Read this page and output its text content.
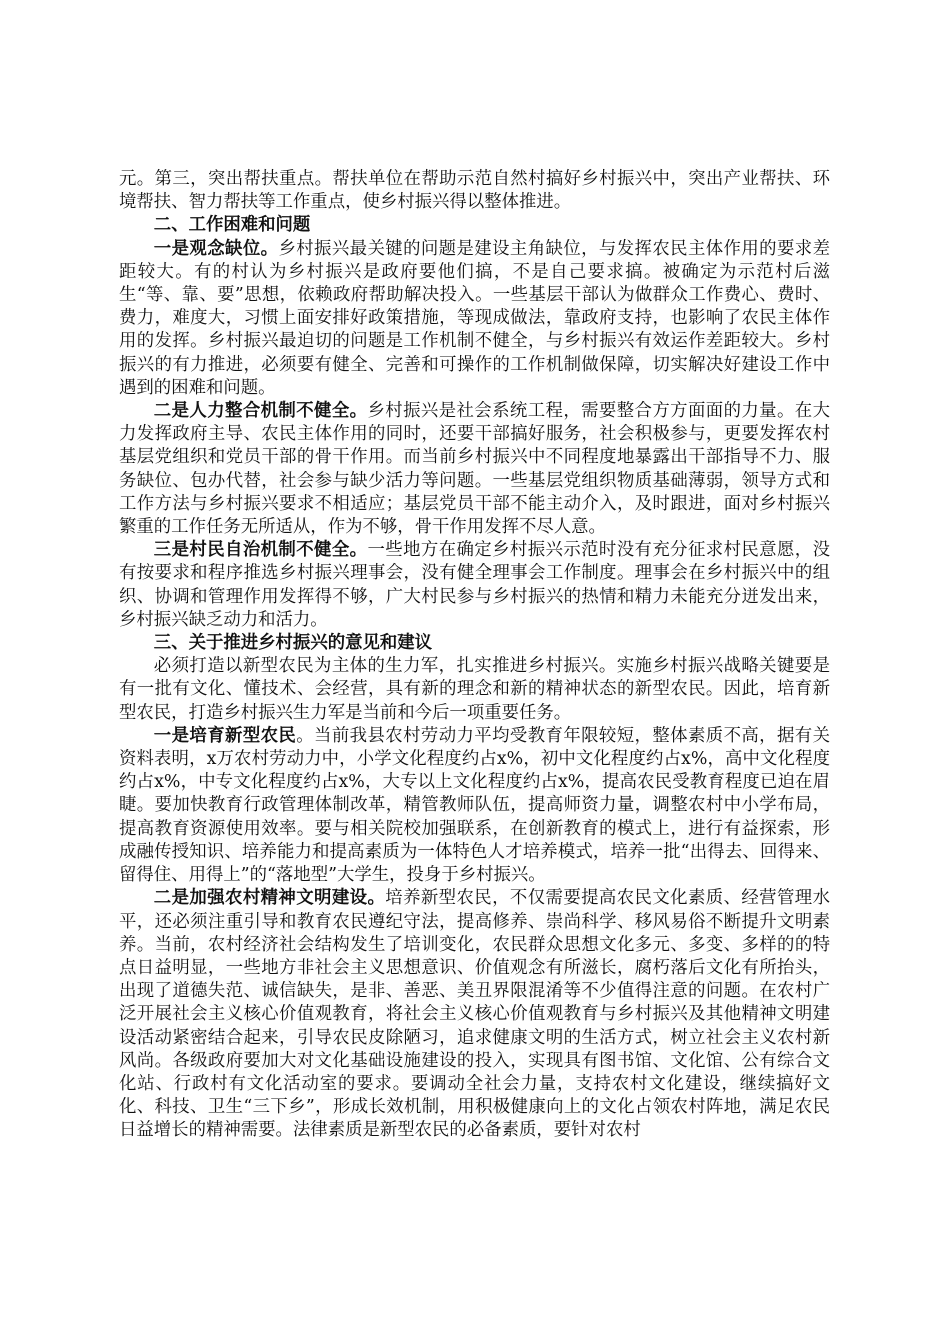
元。第三，突出帮扶重点。帮扶单位在帮助示范自然村搞好乡村振兴中，突出产业帮扶、环境帮扶、智力帮扶等工作重点，使乡村振兴得以整体推进。

二、工作困难和问题

一是观念缺位。乡村振兴最关键的问题是建设主角缺位，与发挥农民主体作用的要求差距较大。有的村认为乡村振兴是政府要他们搞，不是自己要求搞。被确定为示范村后滋生“等、靠、要”思想，依赖政府帮助解决投入。一些基层干部认为做群众工作费心、费时、费力，难度大，习惯上面安排好政策措施，等现成做法，靠政府支持，也影响了农民主体作用的发挥。乡村振兴最迫切的问题是工作机制不健全，与乡村振兴有效运作差距较大。乡村振兴的有力推进，必须要有健全、完善和可操作的工作机制做保障，切实解决好建设工作中遇到的困难和问题。

二是人力整合机制不健全。乡村振兴是社会系统工程，需要整合方方面面的力量。在大力发挥政府主导、农民主体作用的同时，还要干部搞好服务，社会积极参与，更要发挥农村基层党组织和党员干部的骨干作用。而当前乡村振兴中不同程度地暴露出干部指导不力、服务缺位、包办代替，社会参与缺少活力等问题。一些基层党组织物质基础薄弱，领导方式和工作方法与乡村振兴要求不相适应；基层党员干部不能主动介入，及时跟进，面对乡村振兴繁重的工作任务无所适从，作为不够，骨干作用发挥不尽人意。

三是村民自治机制不健全。一些地方在确定乡村振兴示范时没有充分征求村民意愿，没有按要求和程序推选乡村振兴理事会，没有健全理事会工作制度。理事会在乡村振兴中的组织、协调和管理作用发挥得不够，广大村民参与乡村振兴的热情和精力未能充分迸发出来，乡村振兴缺乏动力和活力。

三、关于推进乡村振兴的意见和建议

必须打造以新型农民为主体的生力军，扎实推进乡村振兴。实施乡村振兴战略关键要是有一批有文化、懂技术、会经营，具有新的理念和新的精神状态的新型农民。因此，培育新型农民，打造乡村振兴生力军是当前和今后一项重要任务。

一是培育新型农民。当前我县农村劳动力平均受教育年限较短，整体素质不高，据有关资料表明，x万农村劳动力中，小学文化程度约占x%，初中文化程度约占x%，高中文化程度约占x%，中专文化程度约占x%，大专以上文化程度约占x%，提高农民受教育程度已迫在眉睫。要加快教育行政管理体制改革，精管教师队伍，提高师资力量，调整农村中小学布局，提高教育资源使用效率。要与相关院校加强联系，在创新教育的模式上，进行有益探索，形成融传授知识、培养能力和提高素质为一体特色人才培养模式，培养一批“出得去、回得来、留得住、用得上”的“落地型”大学生，投身于乡村振兴。

二是加强农村精神文明建设。培养新型农民，不仅需要提高农民文化素质、经营管理水平，还必须注重引导和教育农民遵纪守法，提高修养、崇尚科学、移风易俗不断提升文明素养。当前，农村经济社会结构发生了培训变化，农民群众思想文化多元、多变、多样的的特点日益明显，一些地方非社会主义思想意识、价值观念有所滋长，腐朽落后文化有所抬头，出现了道德失范、诚信缺失，是非、善恶、美丑界限混淆等不少值得注意的问题。在农村广泛开展社会主义核心价值观教育，将社会主义核心价值观教育与乡村振兴及其他精神文明建设活动紧密结合起来，引导农民皮除陋习，追求健康文明的生活方式，树立社会主义农村新风尚。各级政府要加大对文化基础设施建设的投入，实现具有图书馆、文化馆、公有综合文化站、行政村有文化活动室的要求。要调动全社会力量，支持农村文化建设，继续搞好文化、科技、卫生“三下乡”，形成长效机制，用积极健康向上的文化占领农村阵地，满足农民日益增长的精神需要。法律素质是新型农民的必备素质，要针对农村
